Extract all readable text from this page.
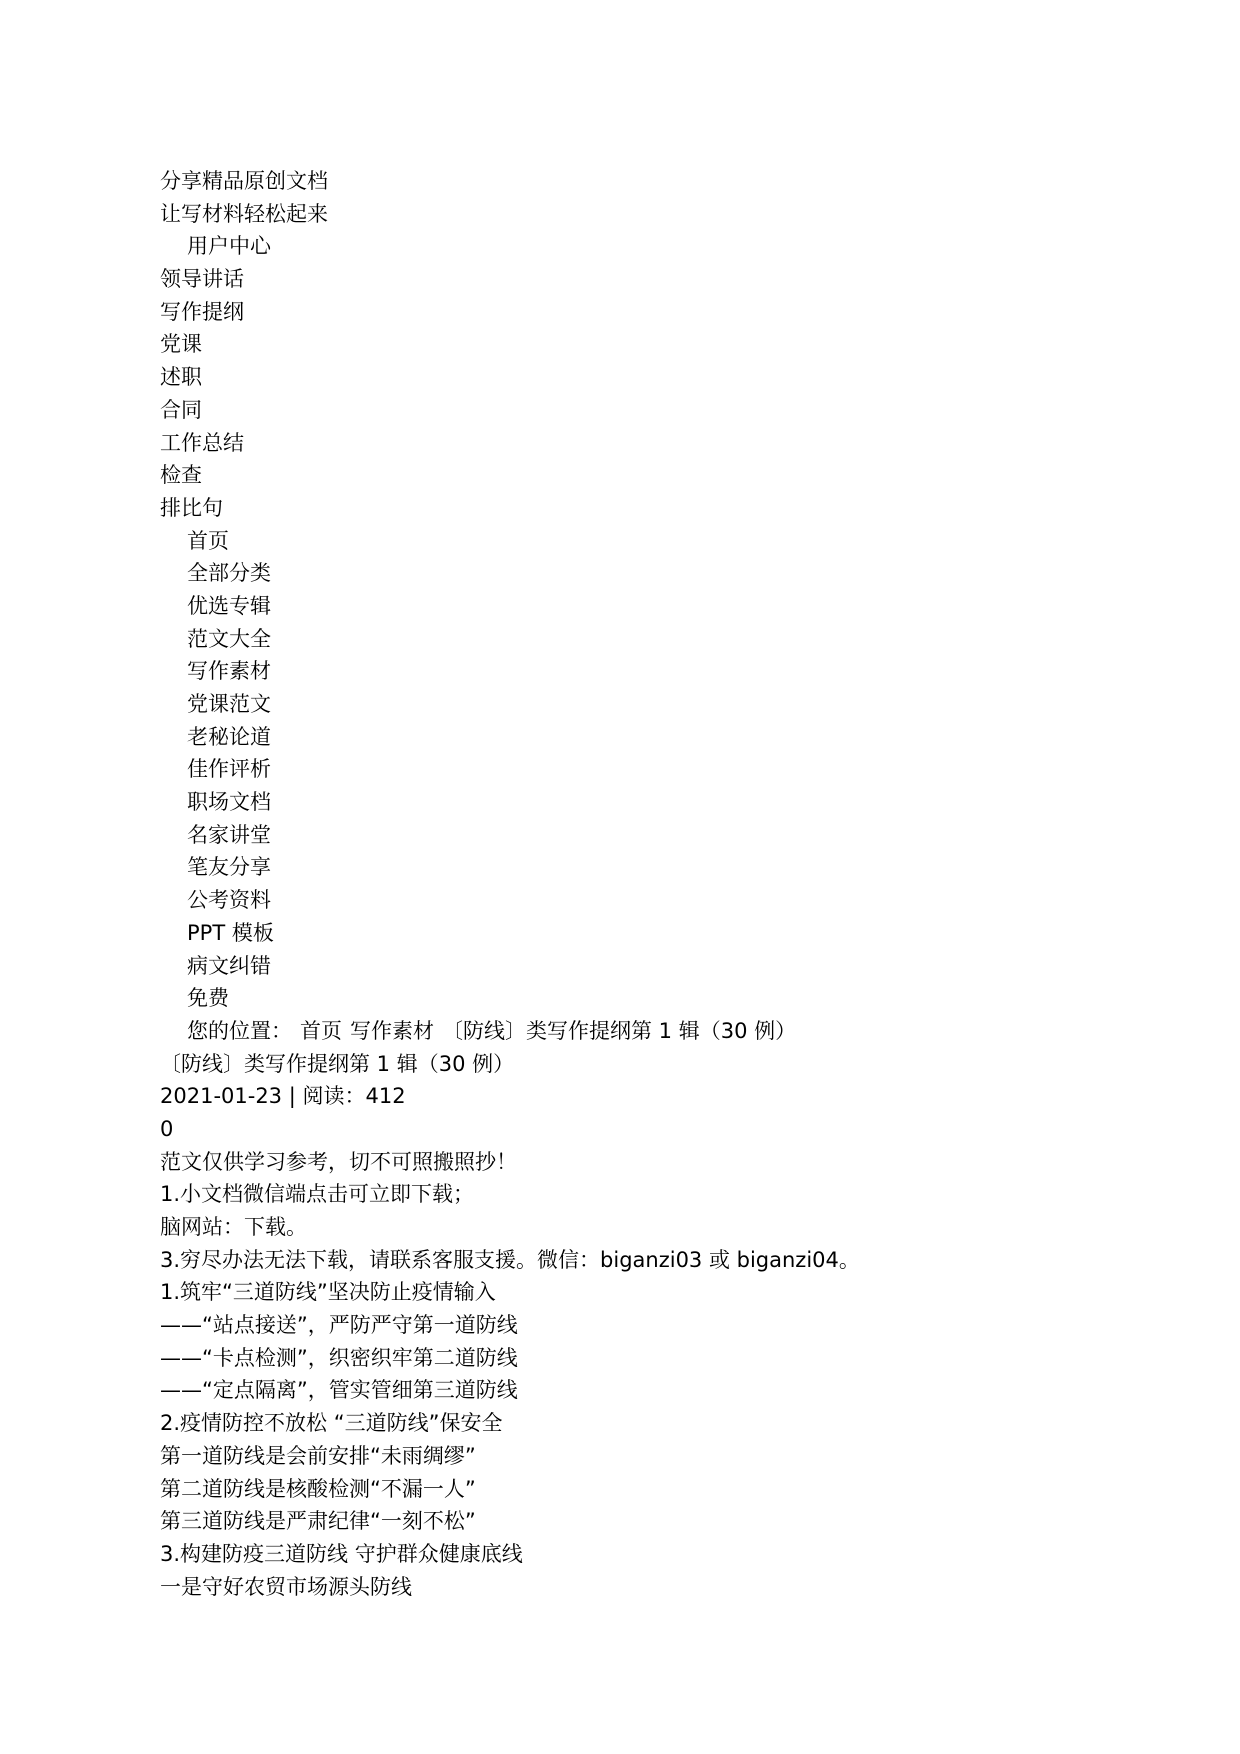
分享精品原创文档
让写材料轻松起来
用户中心
领导讲话
写作提纲
党课
述职
合同
工作总结
检查
排比句
首页
全部分类
优选专辑
范文大全
写作素材
党课范文
老秘论道
佳作评析
职场文档
名家讲堂
笔友分享
公考资料
PPT 模板
病文纠错
免费
您的位置： 首页 写作素材 〔防线〕类写作提纲第 1 辑（30 例）
〔防线〕类写作提纲第 1 辑（30 例）
2021-01-23 | 阅读：412
0
范文仅供学习参考，切不可照搬照抄！
1.小文档微信端点击可立即下载；
脑网站：下载。
3.穷尽办法无法下载，请联系客服支援。微信：biganzi03 或 biganzi04。
1.筑牢“三道防线”坚决防止疫情输入
——“站点接送”，严防严守第一道防线
——“卡点检测”，织密织牢第二道防线
——“定点隔离”，管实管细第三道防线
2.疫情防控不放松 “三道防线”保安全
第一道防线是会前安排“未雨绸缪”
第二道防线是核酸检测“不漏一人”
第三道防线是严肃纪律“一刻不松”
3.构建防疫三道防线 守护群众健康底线
一是守好农贸市场源头防线
